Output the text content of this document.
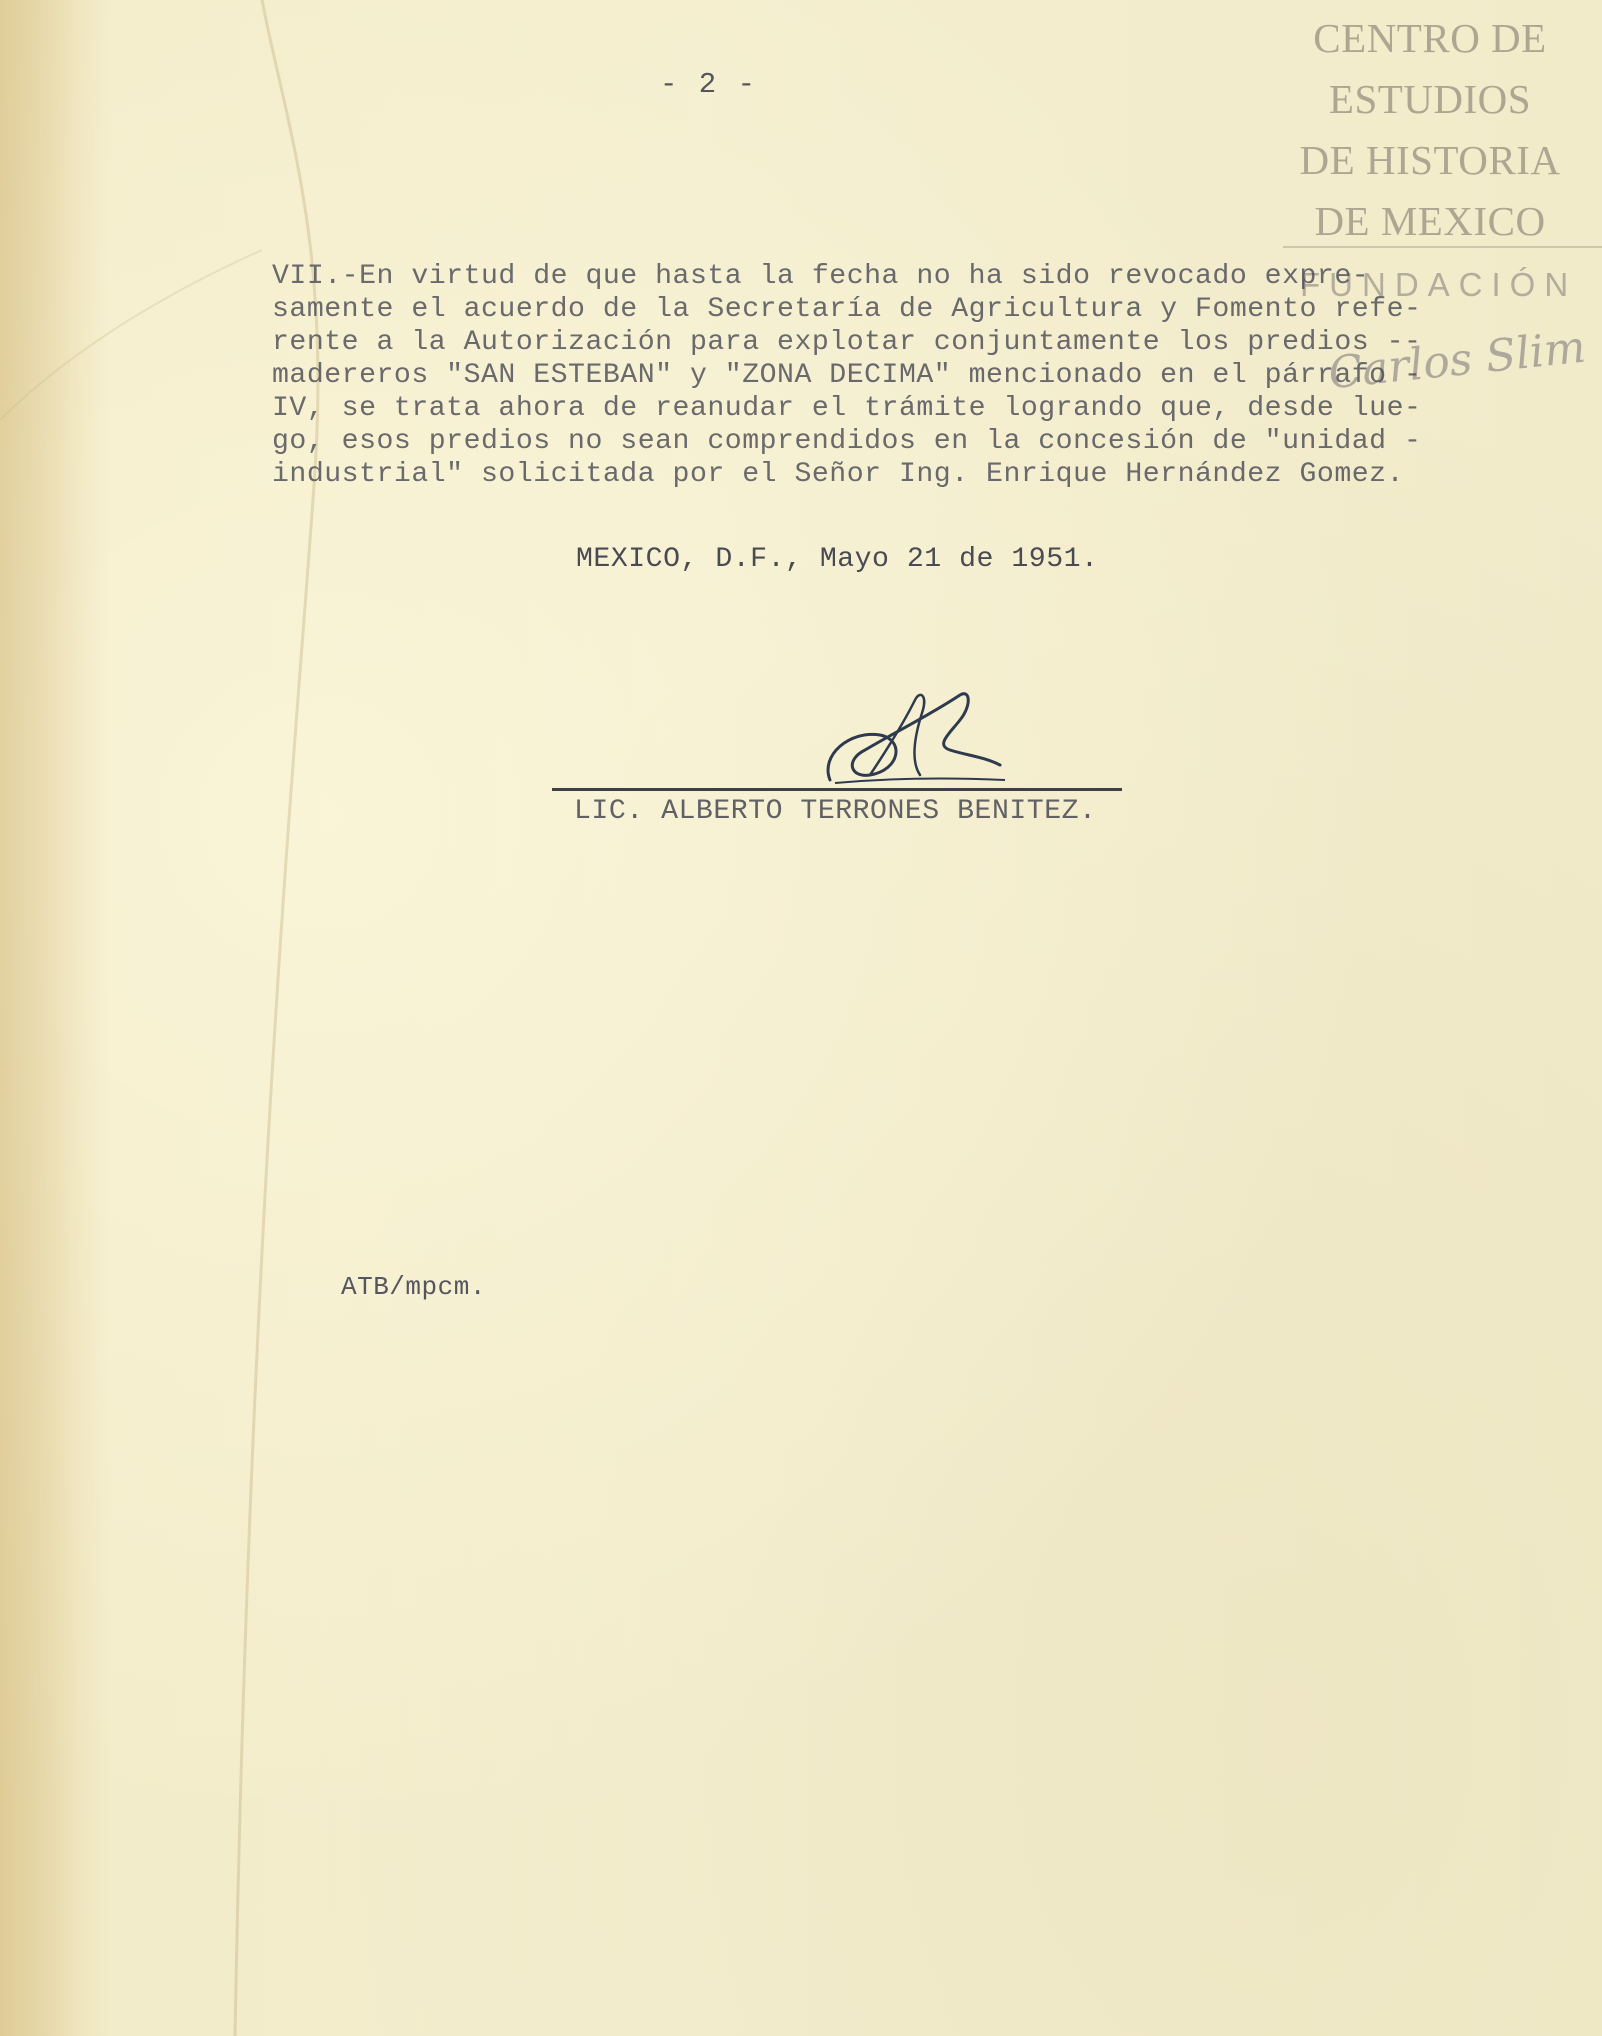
CENTRO DE
ESTUDIOS
DE HISTORIA
DE MEXICO
FUNDACIÓN
Carlos Slim
- 2 -
VII.-En virtud de que hasta la fecha no ha sido revocado expre-
samente el acuerdo de la Secretaría de Agricultura y Fomento refe-
rente a la Autorización para explotar conjuntamente los predios --
madereros "SAN ESTEBAN" y "ZONA DECIMA" mencionado en el párrafo -
IV, se trata ahora de reanudar el trámite logrando que, desde lue-
go, esos predios no sean comprendidos en la concesión de "unidad -
industrial" solicitada por el Señor Ing. Enrique Hernández Gomez.
MEXICO, D.F., Mayo 21 de 1951.
LIC. ALBERTO TERRONES BENITEZ.
ATB/mpcm.
